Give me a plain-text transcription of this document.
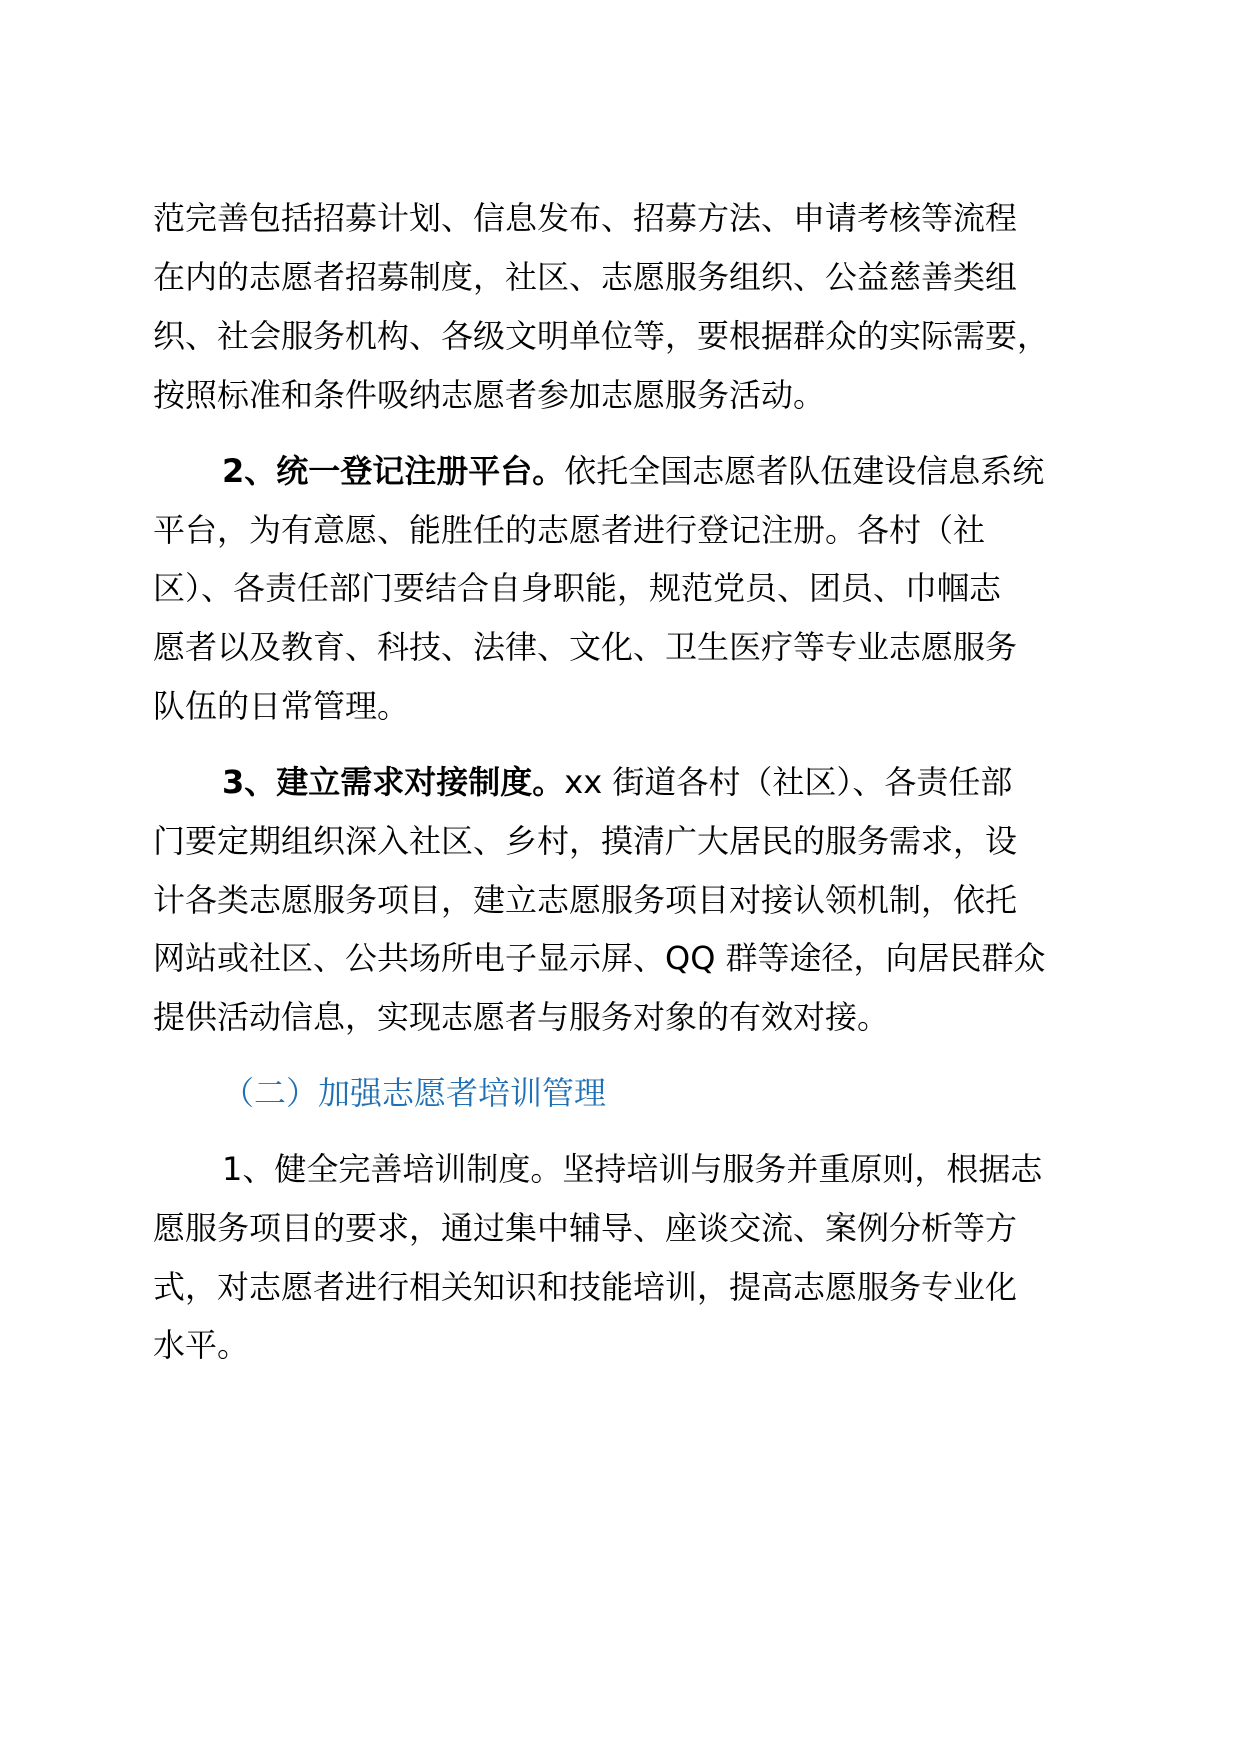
范完善包括招募计划、信息发布、招募方法、申请考核等流程
在内的志愿者招募制度，社区、志愿服务组织、公益慈善类组
织、社会服务机构、各级文明单位等，要根据群众的实际需要，
按照标准和条件吸纳志愿者参加志愿服务活动。
2、统一登记注册平台。依托全国志愿者队伍建设信息系统
平台，为有意愿、能胜任的志愿者进行登记注册。各村（社
区）、各责任部门要结合自身职能，规范党员、团员、巾帼志
愿者以及教育、科技、法律、文化、卫生医疗等专业志愿服务
队伍的日常管理。
3、建立需求对接制度。xx 街道各村（社区）、各责任部
门要定期组织深入社区、乡村，摸清广大居民的服务需求，设
计各类志愿服务项目，建立志愿服务项目对接认领机制，依托
网站或社区、公共场所电子显示屏、QQ 群等途径，向居民群众
提供活动信息，实现志愿者与服务对象的有效对接。
（二）加强志愿者培训管理
1、健全完善培训制度。坚持培训与服务并重原则，根据志
愿服务项目的要求，通过集中辅导、座谈交流、案例分析等方
式，对志愿者进行相关知识和技能培训，提高志愿服务专业化
水平。
